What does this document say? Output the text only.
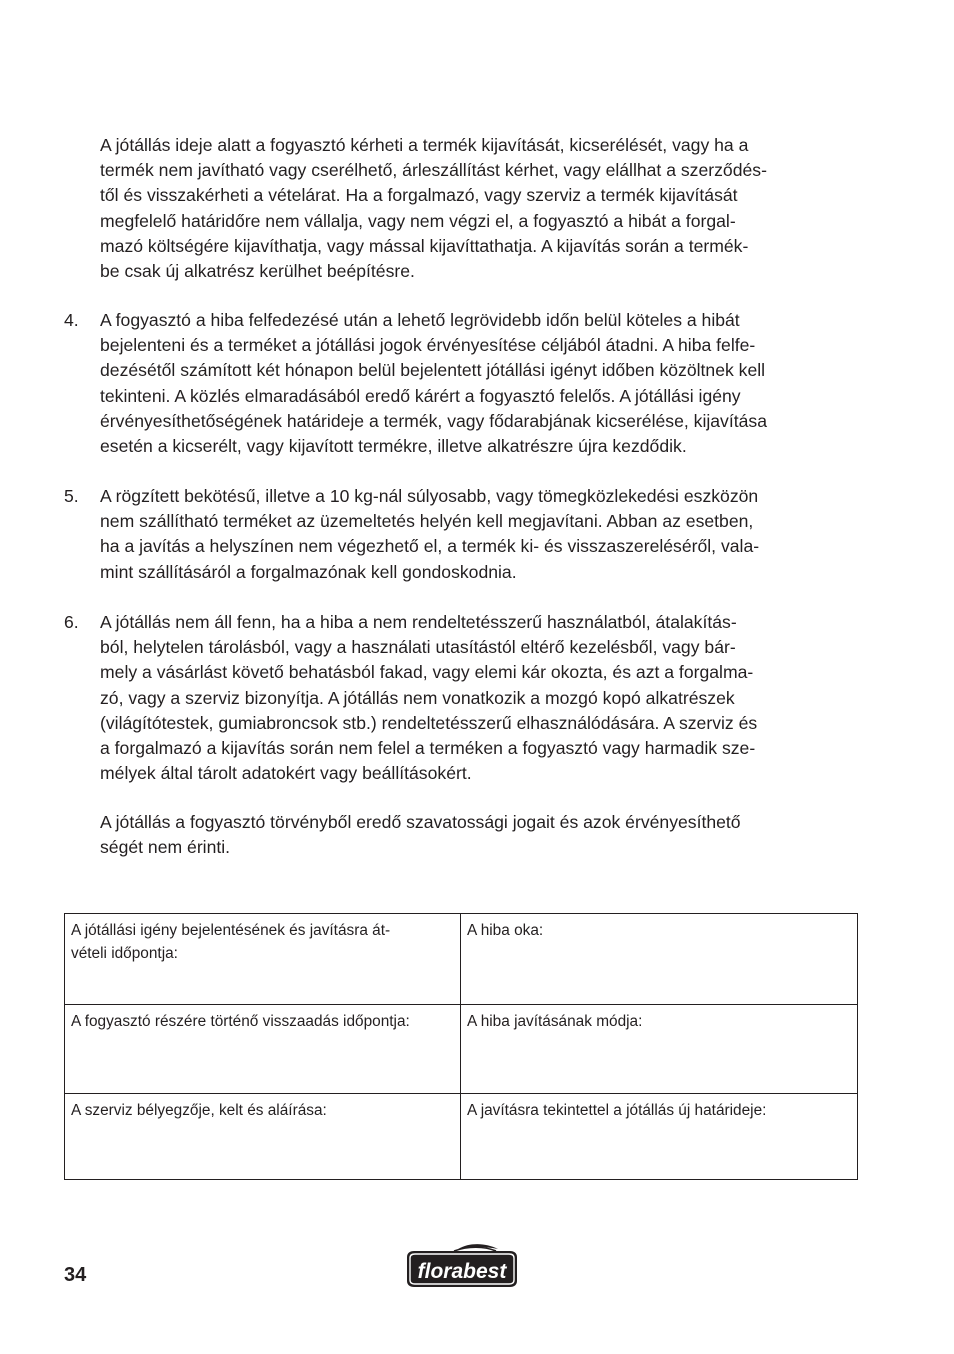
A jótállás ideje alatt a fogyasztó kérheti a termék kijavítását, kicserélését, vagy ha a
termék nem javítható vagy cserélhető, árleszállítást kérhet, vagy elállhat a szerződés-
től és visszakérheti a vételárat. Ha a forgalmazó, vagy szerviz a termék kijavítását
megfelelő határidőre nem vállalja, vagy nem végzi el, a fogyasztó a hibát a forgal-
mazó költségére kijavíthatja, vagy mással kijavíttathatja. A kijavítás során a termék-
be csak új alkatrész kerülhet beépítésre.

4. A fogyasztó a hiba felfedezésé után a lehető legrövidebb időn belül köteles a hibát
bejelenteni és a terméket a jótállási jogok érvényesítése céljából átadni. A hiba felfe-
dezésétől számított két hónapon belül bejelentett jótállási igényt időben közöltnek kell
tekinteni. A közlés elmaradásából eredő kárért a fogyasztó felelős. A jótállási igény
érvényesíthetőségének határideje a termék, vagy fődarabjának kicserélése, kijavítása
esetén a kicserélt, vagy kijavított termékre, illetve alkatrészre újra kezdődik.

5. A rögzített bekötésű, illetve a 10 kg-nál súlyosabb, vagy tömegközlekedési eszközön
nem szállítható terméket az üzemeltetés helyén kell megjavítani. Abban az esetben,
ha a javítás a helyszínen nem végezhető el, a termék ki- és visszaszereléséről, vala-
mint szállításáról a forgalmazónak kell gondoskodnia.

6. A jótállás nem áll fenn, ha a hiba a nem rendeltetésszerű használatból, átalakítás-
ból, helytelen tárolásból, vagy a használati utasítástól eltérő kezelésből, vagy bár-
mely a vásárlást követő behatásból fakad, vagy elemi kár okozta, és azt a forgalma-
zó, vagy a szerviz bizonyítja. A jótállás nem vonatkozik a mozgó kopó alkatrészek
(világítótestek, gumiabroncsok stb.) rendeltetésszerű elhasználódására. A szerviz és
a forgalmazó a kijavítás során nem felel a terméken a fogyasztó vagy harmadik sze-
mélyek által tárolt adatokért vagy beállításokért.

A jótállás a fogyasztó törvényből eredő szavatossági jogait és azok érvényesíthető
ségét nem érinti.

A jótállási igény bejelentésének és javításra át-
vételi időpontja:	A hiba oka:

A fogyasztó részére történő visszaadás időpontja:	A hiba javításának módja:

A szerviz bélyegzője, kelt és aláírása:	A javításra tekintettel a jótállás új határideje:
34	florabest
